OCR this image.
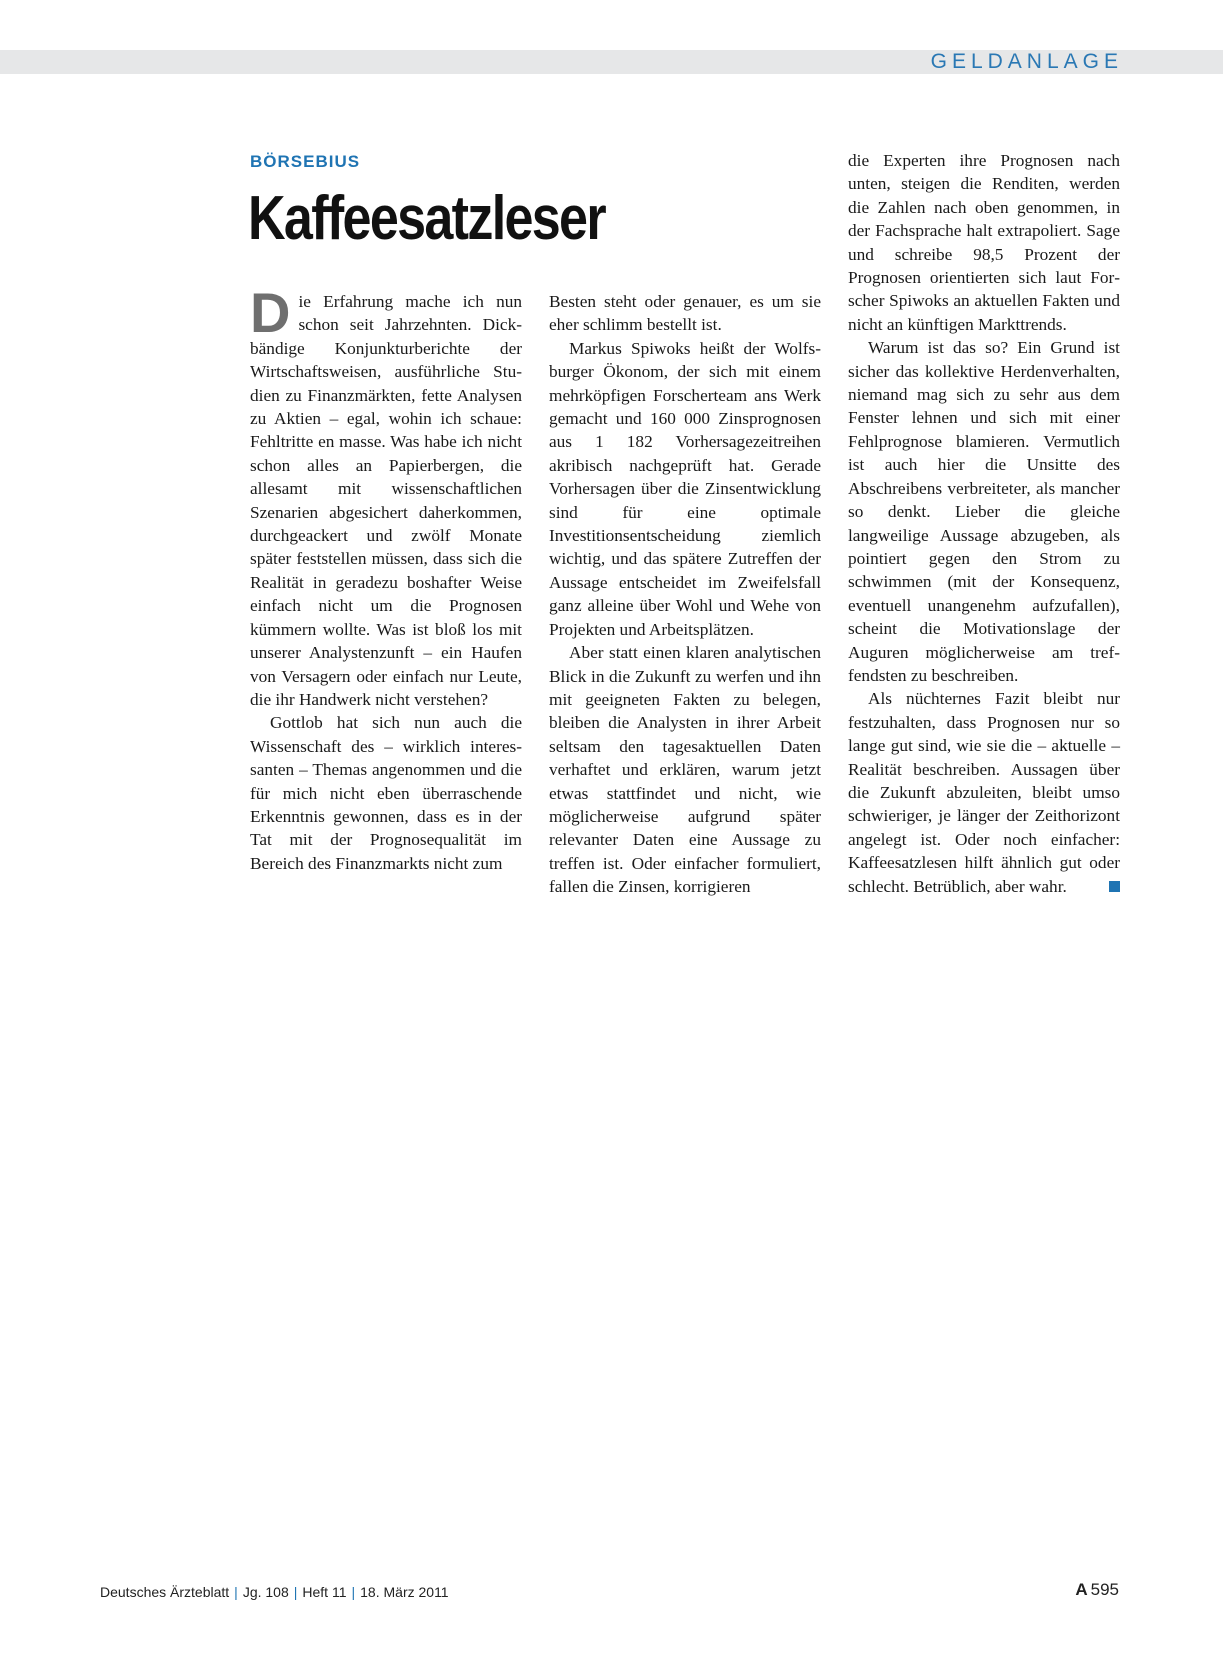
GELDANLAGE
BÖRSEBIUS
Kaffeesatzleser

Die Erfahrung mache ich nun schon seit Jahrzehnten. Dickbändige Konjunkturberichte der Wirtschaftsweisen, ausführliche Studien zu Finanzmärkten, fette Analysen zu Aktien – egal, wohin ich schaue: Fehltritte en masse. Was habe ich nicht schon alles an Papierbergen, die allesamt mit wissenschaftlichen Szenarien abgesichert daherkommen, durchgeackert und zwölf Monate später feststellen müssen, dass sich die Realität in geradezu boshafter Weise einfach nicht um die Prognosen kümmern wollte. Was ist bloß los mit unserer Analystenzunft – ein Haufen von Versagern oder einfach nur Leute, die ihr Handwerk nicht verstehen?

Gottlob hat sich nun auch die Wissenschaft des – wirklich interessanten – Themas angenommen und die für mich nicht eben überraschende Erkenntnis gewonnen, dass es in der Tat mit der Prognosequalität im Bereich des Finanzmarkts nicht zum

Besten steht oder genauer, es um sie eher schlimm bestellt ist.

Markus Spiwoks heißt der Wolfsburger Ökonom, der sich mit einem mehrköpfigen Forscherteam ans Werk gemacht und 160 000 Zinsprognosen aus 1 182 Vorhersagezeitreihen akribisch nachgeprüft hat. Gerade Vorhersagen über die Zinsentwicklung sind für eine optimale Investitionsentscheidung ziemlich wichtig, und das spätere Zutreffen der Aussage entscheidet im Zweifelsfall ganz alleine über Wohl und Wehe von Projekten und Arbeitsplätzen.

Aber statt einen klaren analytischen Blick in die Zukunft zu werfen und ihn mit geeigneten Fakten zu belegen, bleiben die Analysten in ihrer Arbeit seltsam den tagesaktuellen Daten verhaftet und erklären, warum jetzt etwas stattfindet und nicht, wie möglicherweise aufgrund später relevanter Daten eine Aussage zu treffen ist. Oder einfacher formuliert, fallen die Zinsen, korrigieren

die Experten ihre Prognosen nach unten, steigen die Renditen, werden die Zahlen nach oben genommen, in der Fachsprache halt extrapoliert. Sage und schreibe 98,5 Prozent der Prognosen orientierten sich laut Forscher Spiwoks an aktuellen Fakten und nicht an künftigen Markttrends.

Warum ist das so? Ein Grund ist sicher das kollektive Herdenverhalten, niemand mag sich zu sehr aus dem Fenster lehnen und sich mit einer Fehlprognose blamieren. Vermutlich ist auch hier die Unsitte des Abschreibens verbreiteter, als mancher so denkt. Lieber die gleiche langweilige Aussage abzugeben, als pointiert gegen den Strom zu schwimmen (mit der Konsequenz, eventuell unangenehm aufzufallen), scheint die Motivationslage der Auguren möglicherweise am treffendsten zu beschreiben.

Als nüchternes Fazit bleibt nur festzuhalten, dass Prognosen nur so lange gut sind, wie sie die – aktuelle – Realität beschreiben. Aussagen über die Zukunft abzuleiten, bleibt umso schwieriger, je länger der Zeithorizont angelegt ist. Oder noch einfacher: Kaffeesatzlesen hilft ähnlich gut oder schlecht. Betrüblich, aber wahr.

Deutsches Ärzteblatt | Jg. 108 | Heft 11 | 18. März 2011	A 595
